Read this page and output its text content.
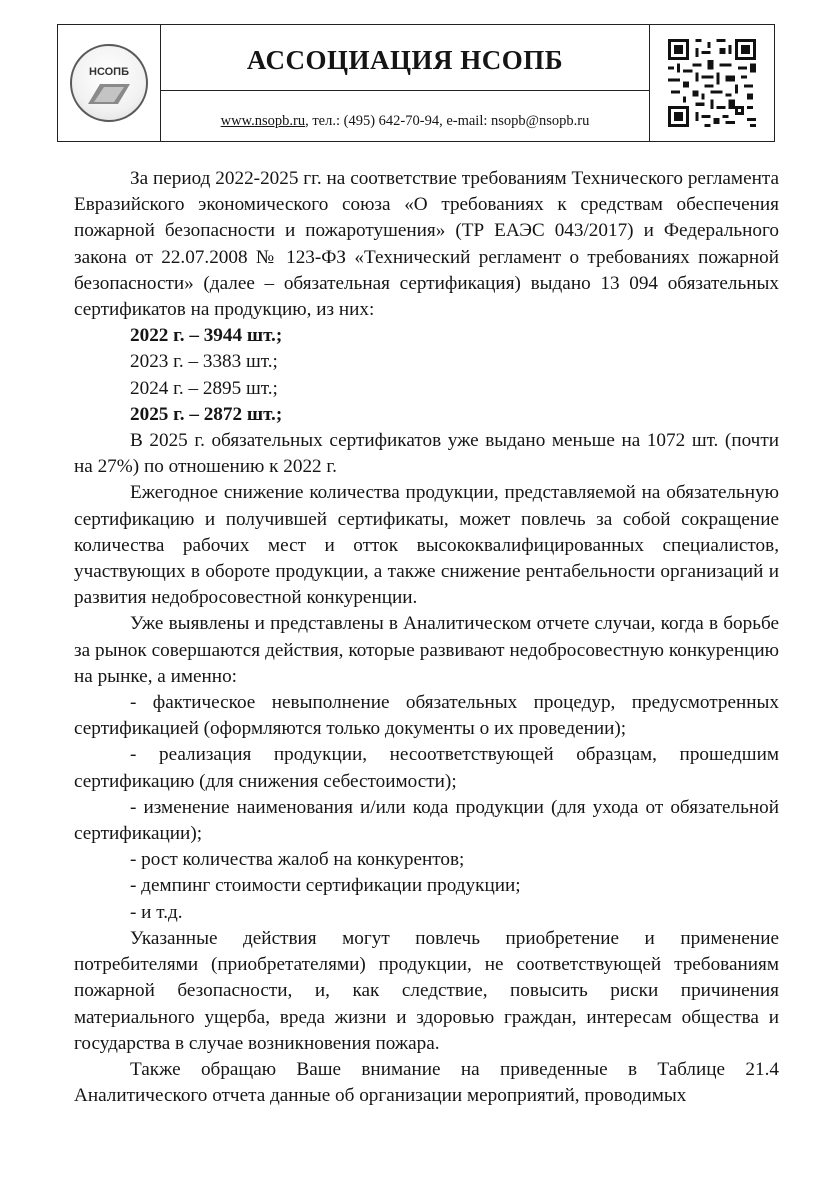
НСОПБ	АССОЦИАЦИЯ НСОПБ
www.nsopb.ru, тел.: (495) 642-70-94, e-mail: nsopb@nsopb.ru

За период 2022-2025 гг. на соответствие требованиям Технического регламента Евразийского экономического союза «О требованиях к средствам обеспечения пожарной безопасности и пожаротушения» (ТР ЕАЭС 043/2017) и Федерального закона от 22.07.2008 № 123-ФЗ «Технический регламент о требованиях пожарной безопасности» (далее – обязательная сертификация) выдано 13 094 обязательных сертификатов на продукцию, из них:

2022 г. – 3944 шт.;

2023 г. – 3383 шт.;

2024 г. – 2895 шт.;

2025 г. – 2872 шт.;

В 2025 г. обязательных сертификатов уже выдано меньше на 1072 шт. (почти на 27%) по отношению к 2022 г.

Ежегодное снижение количества продукции, представляемой на обязательную сертификацию и получившей сертификаты, может повлечь за собой сокращение количества рабочих мест и отток высококвалифицированных специалистов, участвующих в обороте продукции, а также снижение рентабельности организаций и развития недобросовестной конкуренции.

Уже выявлены и представлены в Аналитическом отчете случаи, когда в борьбе за рынок совершаются действия, которые развивают недобросовестную конкуренцию на рынке, а именно:

- фактическое невыполнение обязательных процедур, предусмотренных сертификацией (оформляются только документы о их проведении);

- реализация продукции, несоответствующей образцам, прошедшим сертификацию (для снижения себестоимости);

- изменение наименования и/или кода продукции (для ухода от обязательной сертификации);

- рост количества жалоб на конкурентов;

- демпинг стоимости сертификации продукции;

- и т.д.

Указанные действия могут повлечь приобретение и применение потребителями (приобретателями) продукции, не соответствующей требованиям пожарной безопасности, и, как следствие, повысить риски причинения материального ущерба, вреда жизни и здоровью граждан, интересам общества и государства в случае возникновения пожара.

Также обращаю Ваше внимание на приведенные в Таблице 21.4 Аналитического отчета данные об организации мероприятий, проводимых
